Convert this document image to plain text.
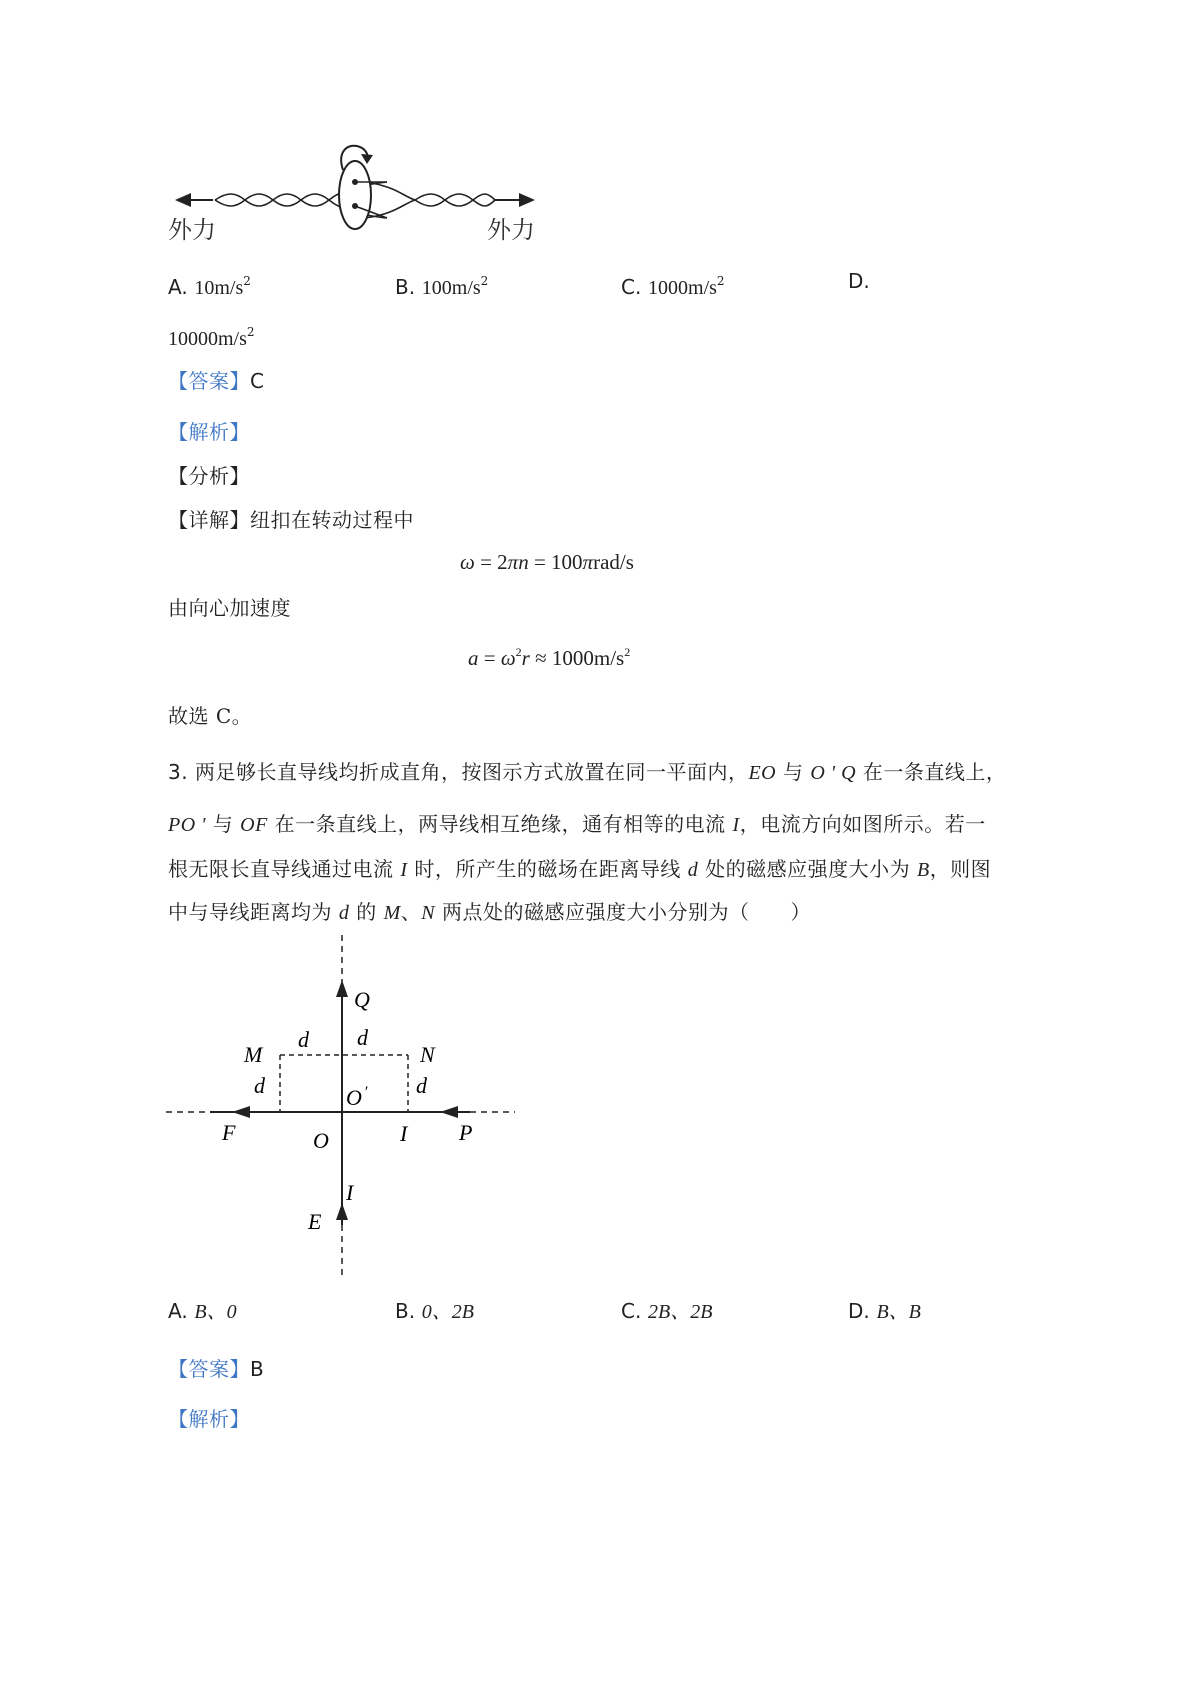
外力	外力
A. $10m/s^2$	B. $100m/s^2$	C. $1000m/s^2$	D.
$10000m/s^2$
【答案】C
【解析】
【分析】
【详解】纽扣在转动过程中
ω = 2πn = 100πrad/s
由向心加速度
$a = \omega^2r \approx 1000m/s^2$
故选 C。
3. 两足够长直导线均折成直角，按图示方式放置在同一平面内，EO 与 O ' Q 在一条直线上，
PO ' 与 OF 在一条直线上，两导线相互绝缘，通有相等的电流 I，电流方向如图所示。若一
根无限长直导线通过电流 I 时，所产生的磁场在距离导线 d 处的磁感应强度大小为 B，则图
中与导线距离均为 d 的 M、N 两点处的磁感应强度大小分别为（　　）
Q
M	N
d d
d	d
O ′
F	O	I P
I
E
A. B、0	B. 0、2B	C. 2B、2B	D. B、B
【答案】B
【解析】
